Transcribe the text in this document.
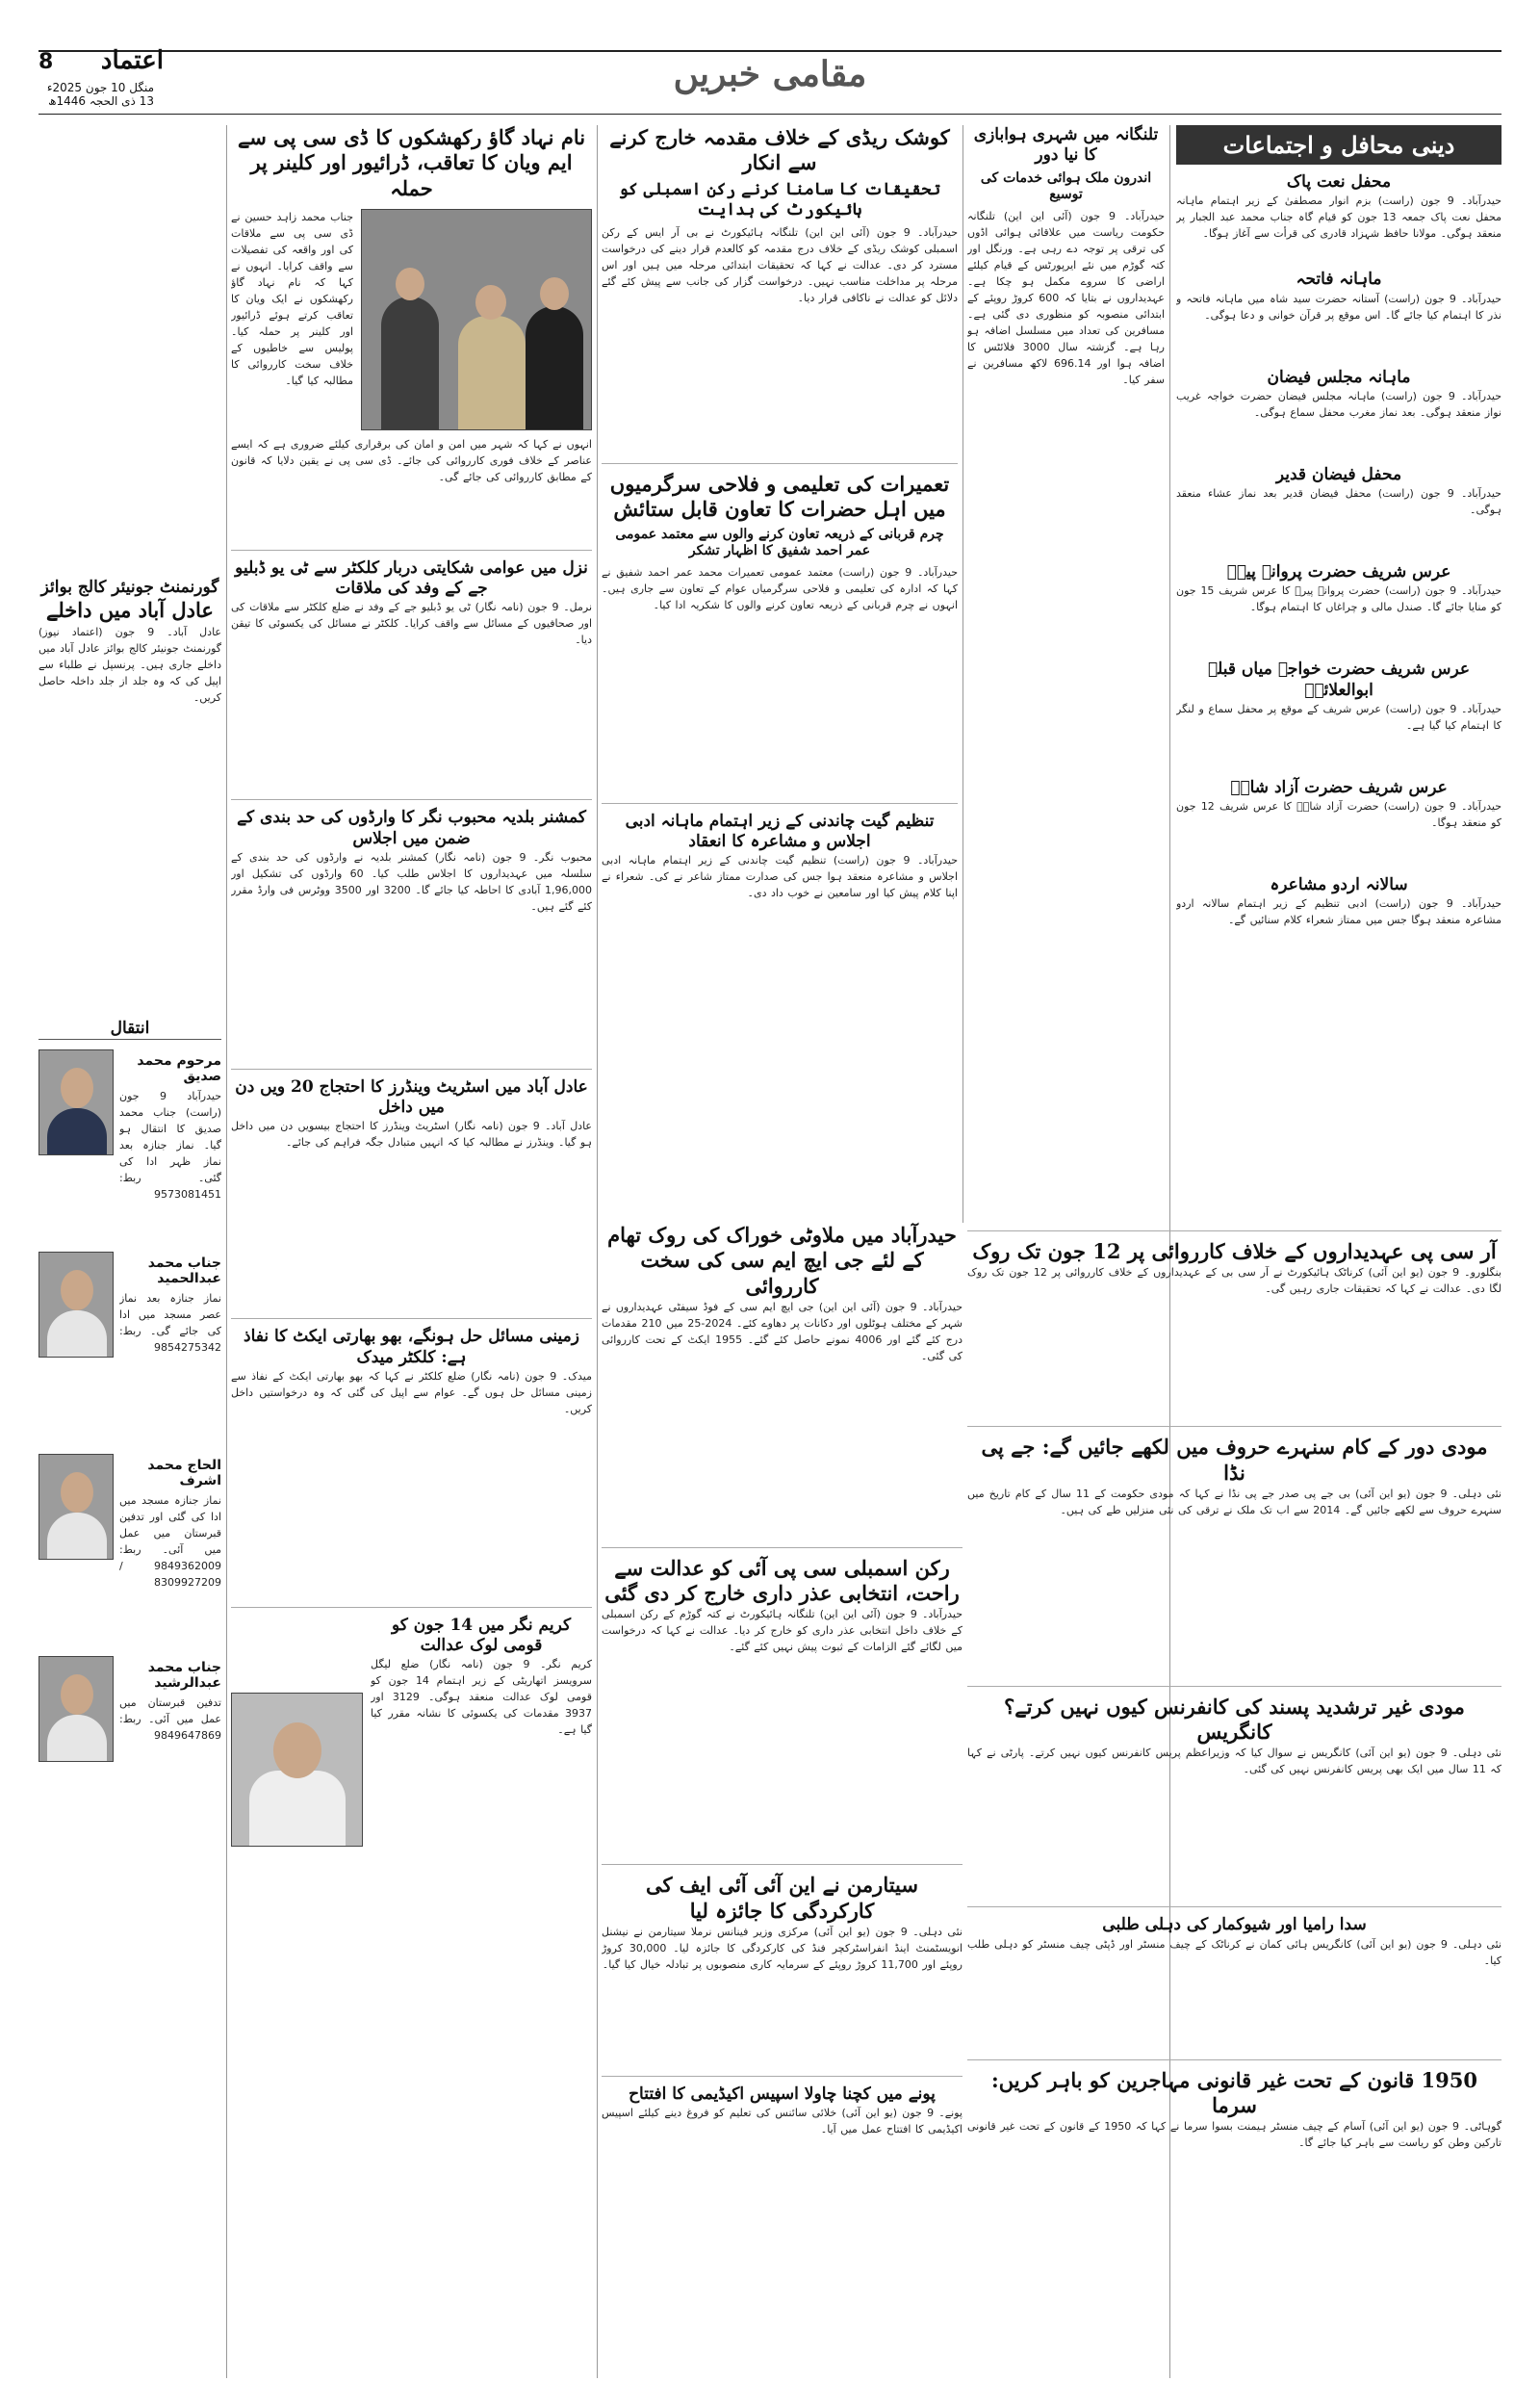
مقامی خبریں
اعتماد
8
منگل 10 جون 2025ء
13 ذی الحجہ 1446ھ
دینی محافل و اجتماعات
محفل نعت پاک
حیدرآباد۔ 9 جون (راست) بزم انوار مصطفیٰ کے زیر اہتمام ماہانہ محفل نعت پاک جمعہ 13 جون کو قیام گاہ جناب محمد عبد الجبار پر منعقد ہوگی۔ مولانا حافظ شہزاد قادری کی قرأت سے آغاز ہوگا۔
ماہانہ فاتحہ
حیدرآباد۔ 9 جون (راست) آستانہ حضرت سید شاہ میں ماہانہ فاتحہ و نذر کا اہتمام کیا جائے گا۔ اس موقع پر قرآن خوانی و دعا ہوگی۔
ماہانہ مجلس فیضان
حیدرآباد۔ 9 جون (راست) ماہانہ مجلس فیضان حضرت خواجہ غریب نواز منعقد ہوگی۔ بعد نماز مغرب محفل سماع ہوگی۔
محفل فیضان قدیر
حیدرآباد۔ 9 جون (راست) محفل فیضان قدیر بعد نماز عشاء منعقد ہوگی۔
عرس شریف حضرت پروانہ پیرؒ
حیدرآباد۔ 9 جون (راست) حضرت پروانہ پیرؒ کا عرس شریف 15 جون کو منایا جائے گا۔ صندل مالی و چراغاں کا اہتمام ہوگا۔
عرس شریف حضرت خواجہ میاں قبلہ ابوالعلائیؒ
حیدرآباد۔ 9 جون (راست) عرس شریف کے موقع پر محفل سماع و لنگر کا اہتمام کیا گیا ہے۔
عرس شریف حضرت آزاد شاہؒ
حیدرآباد۔ 9 جون (راست) حضرت آزاد شاہؒ کا عرس شریف 12 جون کو منعقد ہوگا۔
سالانہ اردو مشاعرہ
حیدرآباد۔ 9 جون (راست) ادبی تنظیم کے زیر اہتمام سالانہ اردو مشاعرہ منعقد ہوگا جس میں ممتاز شعراء کلام سنائیں گے۔
تلنگانہ میں شہری ہوابازی کا نیا دور
اندرون ملک ہوائی خدمات کی توسیع
حیدرآباد۔ 9 جون (آئی این این) تلنگانہ حکومت ریاست میں علاقائی ہوائی اڈوں کی ترقی پر توجہ دے رہی ہے۔ ورنگل اور کتہ گوڑم میں نئے ایرپورٹس کے قیام کیلئے اراضی کا سروے مکمل ہو چکا ہے۔ عہدیداروں نے بتایا کہ 600 کروڑ روپئے کے ابتدائی منصوبہ کو منظوری دی گئی ہے۔ مسافرین کی تعداد میں مسلسل اضافہ ہو رہا ہے۔ گزشتہ سال 3000 فلائٹس کا اضافہ ہوا اور 696.14 لاکھ مسافرین نے سفر کیا۔
آر سی پی عہدیداروں کے خلاف کارروائی پر 12 جون تک روک
بنگلورو۔ 9 جون (یو این آئی) کرناٹک ہائیکورٹ نے آر سی بی کے عہدیداروں کے خلاف کارروائی پر 12 جون تک روک لگا دی۔ عدالت نے کہا کہ تحقیقات جاری رہیں گی۔
مودی دور کے کام سنہرے حروف میں لکھے جائیں گے: جے پی نڈا
نئی دہلی۔ 9 جون (یو این آئی) بی جے پی صدر جے پی نڈا نے کہا کہ مودی حکومت کے 11 سال کے کام تاریخ میں سنہرے حروف سے لکھے جائیں گے۔ 2014 سے اب تک ملک نے ترقی کی نئی منزلیں طے کی ہیں۔
مودی غیر ترشدید پسند کی کانفرنس کیوں نہیں کرتے؟ کانگریس
نئی دہلی۔ 9 جون (یو این آئی) کانگریس نے سوال کیا کہ وزیراعظم پریس کانفرنس کیوں نہیں کرتے۔ پارٹی نے کہا کہ 11 سال میں ایک بھی پریس کانفرنس نہیں کی گئی۔
سدا رامیا اور شیوکمار کی دہلی طلبی
نئی دہلی۔ 9 جون (یو این آئی) کانگریس ہائی کمان نے کرناٹک کے چیف منسٹر اور ڈپٹی چیف منسٹر کو دہلی طلب کیا۔
1950 قانون کے تحت غیر قانونی مہاجرین کو باہر کریں: سرما
گوہاٹی۔ 9 جون (یو این آئی) آسام کے چیف منسٹر ہیمنت بسوا سرما نے کہا کہ 1950 کے قانون کے تحت غیر قانونی تارکین وطن کو ریاست سے باہر کیا جائے گا۔
کوشک ریڈی کے خلاف مقدمہ خارج کرنے سے انکار
تحقیقات کا سامنا کرنے رکن اسمبلی کو ہائیکورٹ کی ہدایت
حیدرآباد۔ 9 جون (آئی این این) تلنگانہ ہائیکورٹ نے بی آر ایس کے رکن اسمبلی کوشک ریڈی کے خلاف درج مقدمہ کو کالعدم قرار دینے کی درخواست مسترد کر دی۔ عدالت نے کہا کہ تحقیقات ابتدائی مرحلہ میں ہیں اور اس مرحلہ پر مداخلت مناسب نہیں۔ درخواست گزار کی جانب سے پیش کئے گئے دلائل کو عدالت نے ناکافی قرار دیا۔
تعمیرات کی تعلیمی و فلاحی سرگرمیوں میں اہل حضرات کا تعاون قابل ستائش
چرم قربانی کے ذریعہ تعاون کرنے والوں سے معتمد عمومی عمر احمد شفیق کا اظہار تشکر
حیدرآباد۔ 9 جون (راست) معتمد عمومی تعمیرات محمد عمر احمد شفیق نے کہا کہ ادارہ کی تعلیمی و فلاحی سرگرمیاں عوام کے تعاون سے جاری ہیں۔ انہوں نے چرم قربانی کے ذریعہ تعاون کرنے والوں کا شکریہ ادا کیا۔
تنظیم گیت چاندنی کے زیر اہتمام ماہانہ ادبی اجلاس و مشاعرہ کا انعقاد
حیدرآباد۔ 9 جون (راست) تنظیم گیت چاندنی کے زیر اہتمام ماہانہ ادبی اجلاس و مشاعرہ منعقد ہوا جس کی صدارت ممتاز شاعر نے کی۔ شعراء نے اپنا کلام پیش کیا اور سامعین نے خوب داد دی۔
حیدرآباد میں ملاوٹی خوراک کی روک تھام کے لئے جی ایچ ایم سی کی سخت کارروائی
حیدرآباد۔ 9 جون (آئی این این) جی ایچ ایم سی کے فوڈ سیفٹی عہدیداروں نے شہر کے مختلف ہوٹلوں اور دکانات پر دھاوے کئے۔ 2024-25 میں 210 مقدمات درج کئے گئے اور 4006 نمونے حاصل کئے گئے۔ 1955 ایکٹ کے تحت کارروائی کی گئی۔
رکن اسمبلی سی پی آئی کو عدالت سے راحت، انتخابی عذر داری خارج کر دی گئی
حیدرآباد۔ 9 جون (آئی این این) تلنگانہ ہائیکورٹ نے کتہ گوڑم کے رکن اسمبلی کے خلاف داخل انتخابی عذر داری کو خارج کر دیا۔ عدالت نے کہا کہ درخواست میں لگائے گئے الزامات کے ثبوت پیش نہیں کئے گئے۔
سیتارمن نے این آئی آئی ایف کی کارکردگی کا جائزہ لیا
نئی دہلی۔ 9 جون (یو این آئی) مرکزی وزیر فینانس نرملا سیتارمن نے نیشنل انویسٹمنٹ اینڈ انفراسٹرکچر فنڈ کی کارکردگی کا جائزہ لیا۔ 30,000 کروڑ روپئے اور 11,700 کروڑ روپئے کے سرمایہ کاری منصوبوں پر تبادلہ خیال کیا گیا۔
پونے میں کچنا چاولا اسپیس اکیڈیمی کا افتتاح
پونے۔ 9 جون (یو این آئی) خلائی سائنس کی تعلیم کو فروغ دینے کیلئے اسپیس اکیڈیمی کا افتتاح عمل میں آیا۔
نام نہاد گاؤ رکھشکوں کا ڈی سی پی سے ایم ویان کا تعاقب، ڈرائیور اور کلینر پر حملہ
جناب محمد زاہد حسین نے ڈی سی پی سے ملاقات کی اور واقعہ کی تفصیلات سے واقف کرایا۔ انہوں نے کہا کہ نام نہاد گاؤ رکھشکوں نے ایک ویان کا تعاقب کرتے ہوئے ڈرائیور اور کلینر پر حملہ کیا۔ پولیس سے خاطیوں کے خلاف سخت کارروائی کا مطالبہ کیا گیا۔
انہوں نے کہا کہ شہر میں امن و امان کی برقراری کیلئے ضروری ہے کہ ایسے عناصر کے خلاف فوری کارروائی کی جائے۔ ڈی سی پی نے یقین دلایا کہ قانون کے مطابق کارروائی کی جائے گی۔
نزل میں عوامی شکایتی دربار کلکٹر سے ٹی یو ڈبلیو جے کے وفد کی ملاقات
نرمل۔ 9 جون (نامہ نگار) ٹی یو ڈبلیو جے کے وفد نے ضلع کلکٹر سے ملاقات کی اور صحافیوں کے مسائل سے واقف کرایا۔ کلکٹر نے مسائل کی یکسوئی کا تیقن دیا۔
کمشنر بلدیہ محبوب نگر کا وارڈوں کی حد بندی کے ضمن میں اجلاس
محبوب نگر۔ 9 جون (نامہ نگار) کمشنر بلدیہ نے وارڈوں کی حد بندی کے سلسلہ میں عہدیداروں کا اجلاس طلب کیا۔ 60 وارڈوں کی تشکیل اور 1,96,000 آبادی کا احاطہ کیا جائے گا۔ 3200 اور 3500 ووٹرس فی وارڈ مقرر کئے گئے ہیں۔
عادل آباد میں اسٹریٹ وینڈرز کا احتجاج 20 ویں دن میں داخل
عادل آباد۔ 9 جون (نامہ نگار) اسٹریٹ وینڈرز کا احتجاج بیسویں دن میں داخل ہو گیا۔ وینڈرز نے مطالبہ کیا کہ انہیں متبادل جگہ فراہم کی جائے۔
زمینی مسائل حل ہونگے، بھو بھارتی ایکٹ کا نفاذ ہے: کلکٹر میدک
میدک۔ 9 جون (نامہ نگار) ضلع کلکٹر نے کہا کہ بھو بھارتی ایکٹ کے نفاذ سے زمینی مسائل حل ہوں گے۔ عوام سے اپیل کی گئی کہ وہ درخواستیں داخل کریں۔
کریم نگر میں 14 جون کو قومی لوک عدالت
کریم نگر۔ 9 جون (نامہ نگار) ضلع لیگل سرویسز اتھاریٹی کے زیر اہتمام 14 جون کو قومی لوک عدالت منعقد ہوگی۔ 3129 اور 3937 مقدمات کی یکسوئی کا نشانہ مقرر کیا گیا ہے۔
گورنمنٹ جونیئر کالج بوائز
عادل آباد میں داخلے
عادل آباد۔ 9 جون (اعتماد نیوز) گورنمنٹ جونیئر کالج بوائز عادل آباد میں داخلے جاری ہیں۔ پرنسپل نے طلباء سے اپیل کی کہ وہ جلد از جلد داخلہ حاصل کریں۔
انتقال
مرحوم محمد صدیق
حیدرآباد 9 جون (راست) جناب محمد صدیق کا انتقال ہو گیا۔ نماز جنازہ بعد نماز ظہر ادا کی گئی۔ ربط: 9573081451
جناب محمد عبدالحمید
نماز جنازہ بعد نماز عصر مسجد میں ادا کی جائے گی۔ ربط: 9854275342
الحاج محمد اشرف
نماز جنازہ مسجد میں ادا کی گئی اور تدفین قبرستان میں عمل میں آئی۔ ربط: 9849362009 / 8309927209
جناب محمد عبدالرشید
تدفین قبرستان میں عمل میں آئی۔ ربط: 9849647869
